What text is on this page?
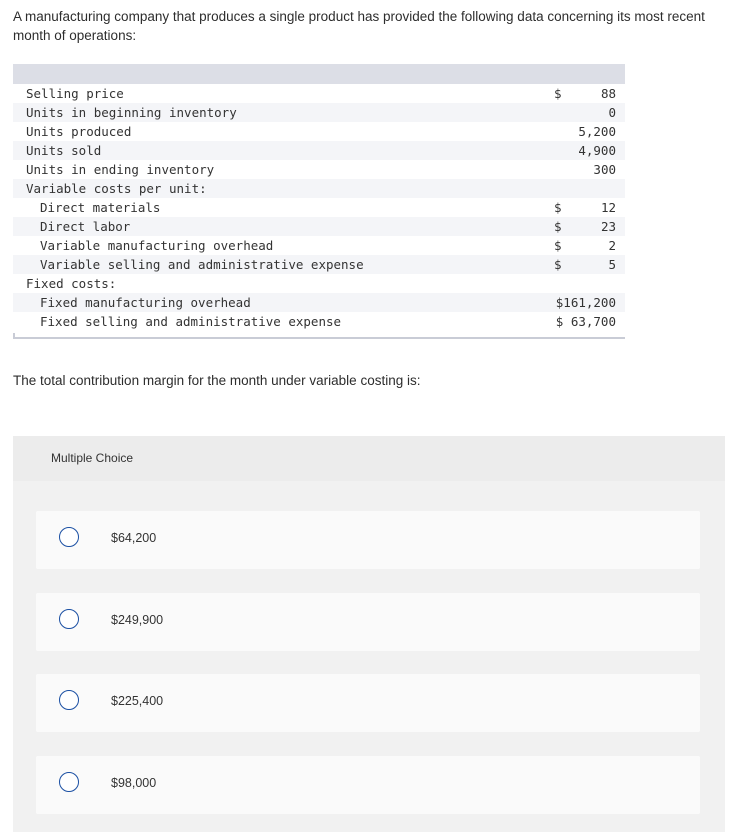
A manufacturing company that produces a single product has provided the following data concerning its most recent month of operations:
Selling price	$	88
Units in beginning inventory	0
Units produced	5,200
Units sold	4,900
Units in ending inventory	300
Variable costs per unit:
Direct materials	$	12
Direct labor	$	23
Variable manufacturing overhead	$	2
Variable selling and administrative expense	$	5
Fixed costs:
Fixed manufacturing overhead	$161,200
Fixed selling and administrative expense	$ 63,700
The total contribution margin for the month under variable costing is:
Multiple Choice
$64,200
$249,900
$225,400
$98,000
